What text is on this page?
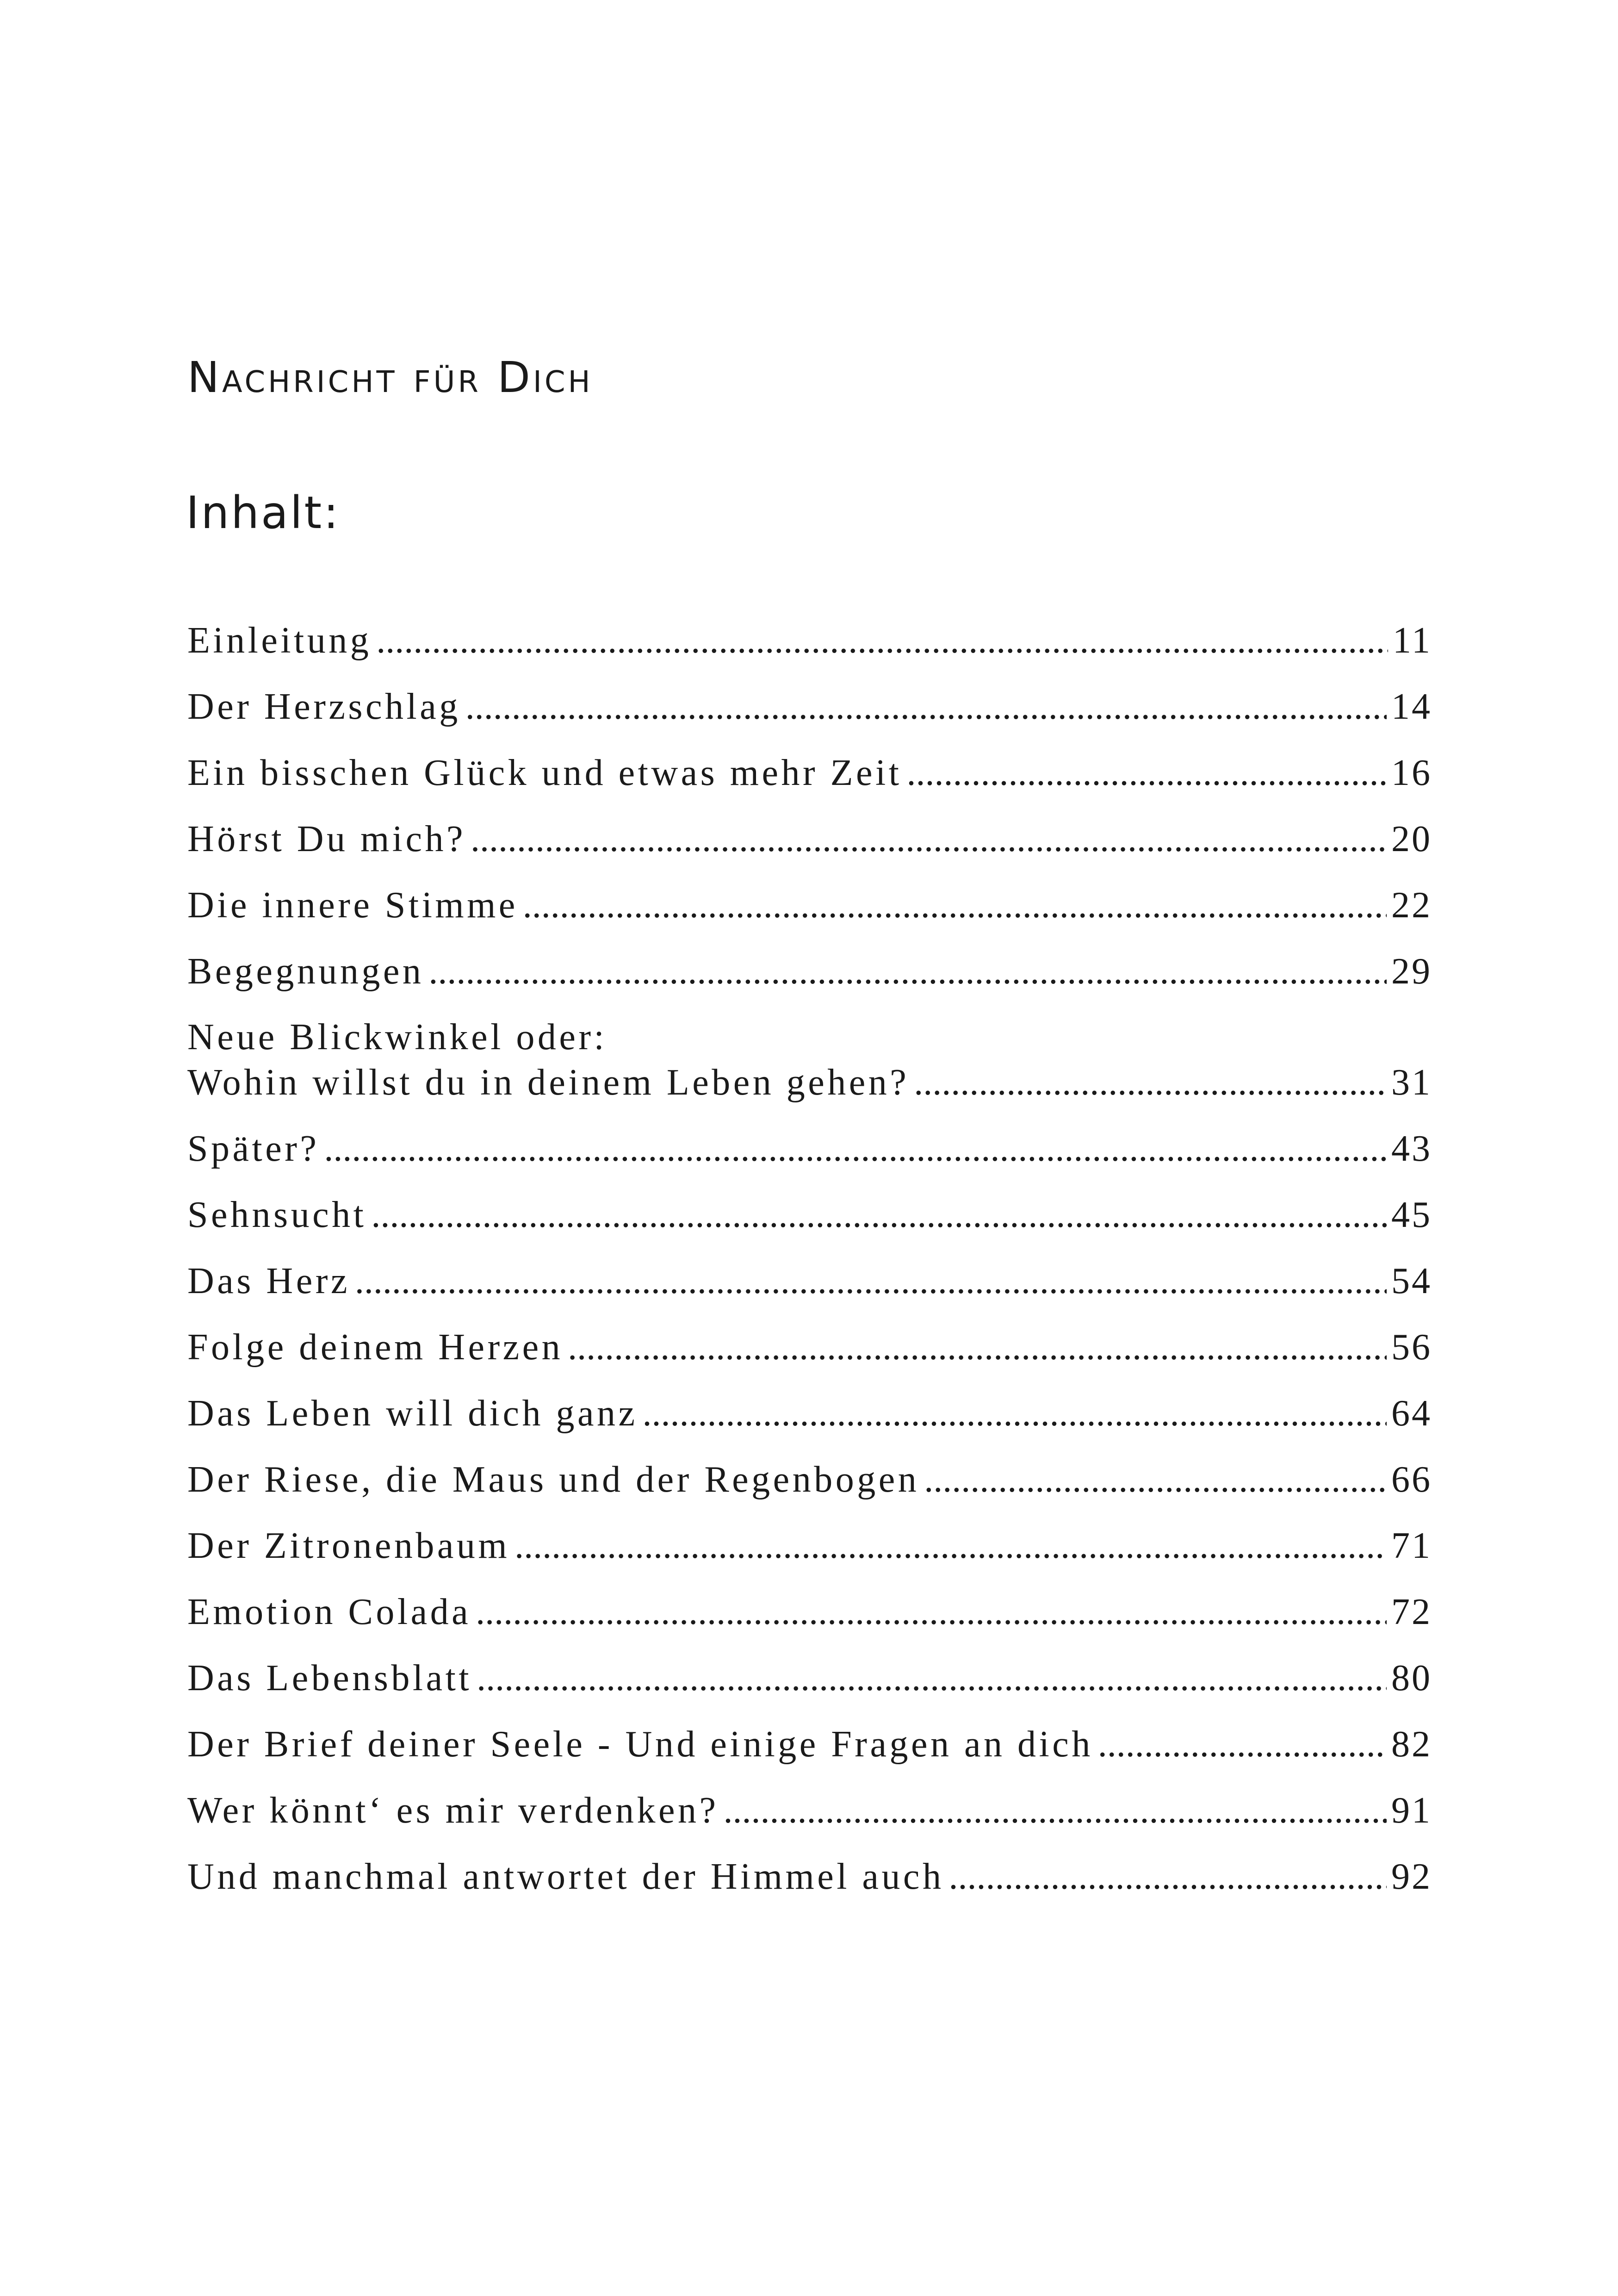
Nachricht für Dich
Inhalt:
Einleitung .....	11
Der Herzschlag .....	14
Ein bisschen Glück und etwas mehr Zeit .....	16
Hörst Du mich? .....	20
Die innere Stimme .....	22
Begegnungen .....	29
Neue Blickwinkel oder:
Wohin willst du in deinem Leben gehen? .....	31
Später? .....	43
Sehnsucht .....	45
Das Herz .....	54
Folge deinem Herzen .....	56
Das Leben will dich ganz .....	64
Der Riese, die Maus und der Regenbogen .....	66
Der Zitronenbaum .....	71
Emotion Colada .....	72
Das Lebensblatt .....	80
Der Brief deiner Seele - Und einige Fragen an dich .....	82
Wer könnt‘ es mir verdenken? .....	91
Und manchmal antwortet der Himmel auch .....	92
